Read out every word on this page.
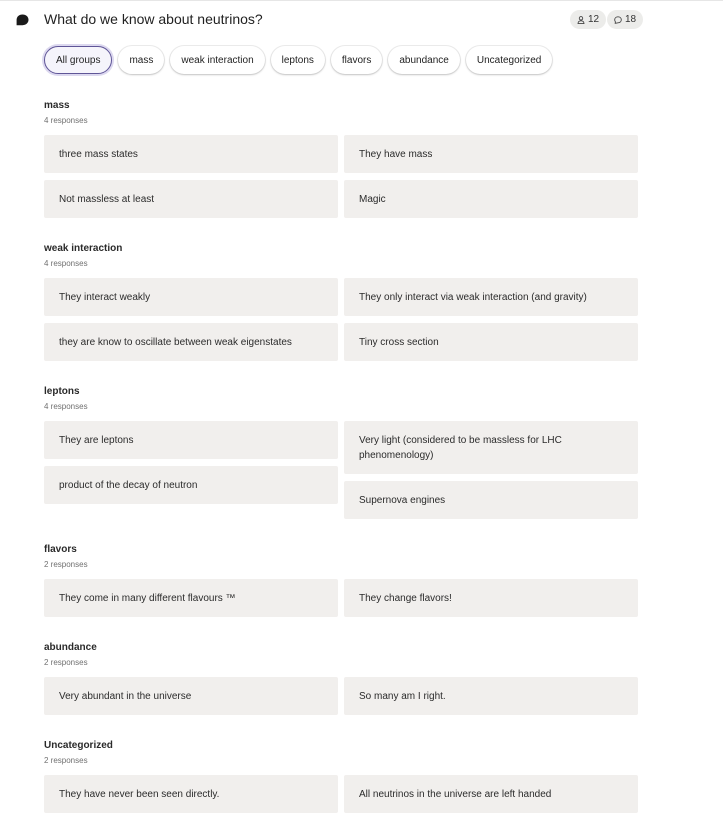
What do we know about neutrinos?	12	18
All groups	mass	weak interaction	leptons	flavors	abundance	Uncategorized
mass
4 responses
three mass states	They have mass
Not massless at least	Magic
weak interaction
4 responses
They interact weakly	They only interact via weak interaction (and gravity)
they are know to oscillate between weak eigenstates	Tiny cross section
leptons
4 responses
They are leptons	Very light (considered to be massless for LHC phenomenology)
product of the decay of neutron
Supernova engines
flavors
2 responses
They come in many different flavours ™	They change flavors!
abundance
2 responses
Very abundant in the universe	So many am I right.
Uncategorized
2 responses
They have never been seen directly.	All neutrinos in the universe are left handed
